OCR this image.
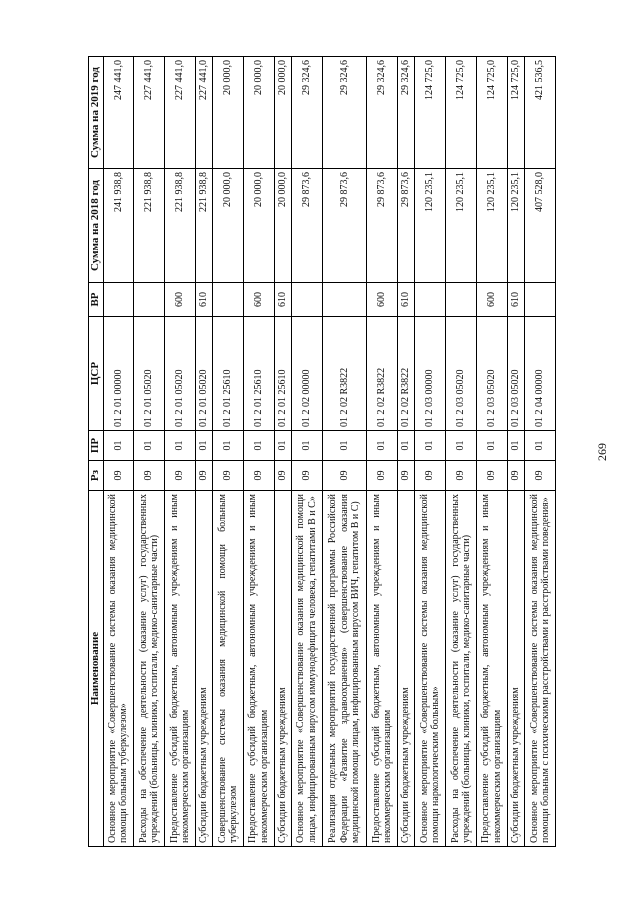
269
Наименование	Рз	ПР	ЦСР	ВР	Сумма на 2018 год	Сумма на 2019 год
Основное мероприятие «Совершенствование системы оказания медицинской помощи больным туберкулезом»	09	01	01 2 01 00000		241 938,8	247 441,0
Расходы на обеспечение деятельности (оказание услуг) государственных учреждений (больницы, клиники, госпитали, медико-санитарные части)	09	01	01 2 01 05020		221 938,8	227 441,0
Предоставление субсидий бюджетным, автономным учреждениям и иным некоммерческим организациям	09	01	01 2 01 05020	600	221 938,8	227 441,0
Субсидии бюджетным учреждениям	09	01	01 2 01 05020	610	221 938,8	227 441,0
Совершенствование системы оказания медицинской помощи больным туберкулезом	09	01	01 2 01 25610		20 000,0	20 000,0
Предоставление субсидий бюджетным, автономным учреждениям и иным некоммерческим организациям	09	01	01 2 01 25610	600	20 000,0	20 000,0
Субсидии бюджетным учреждениям	09	01	01 2 01 25610	610	20 000,0	20 000,0
Основное мероприятие «Совершенствование оказания медицинской помощи лицам, инфицированным вирусом иммунодефицита человека, гепатитами В и С»	09	01	01 2 02 00000		29 873,6	29 324,6
Реализация отдельных мероприятий государственной программы Российской Федерации «Развитие здравоохранения» (совершенствование оказания медицинской помощи лицам, инфицированным вирусом ВИЧ, гепатитом В и С)	09	01	01 2 02 R3822		29 873,6	29 324,6
Предоставление субсидий бюджетным, автономным учреждениям и иным некоммерческим организациям	09	01	01 2 02 R3822	600	29 873,6	29 324,6
Субсидии бюджетным учреждениям	09	01	01 2 02 R3822	610	29 873,6	29 324,6
Основное мероприятие «Совершенствование системы оказания медицинской помощи наркологическим больным»	09	01	01 2 03 00000		120 235,1	124 725,0
Расходы на обеспечение деятельности (оказание услуг) государственных учреждений (больницы, клиники, госпитали, медико-санитарные части)	09	01	01 2 03 05020		120 235,1	124 725,0
Предоставление субсидий бюджетным, автономным учреждениям и иным некоммерческим организациям	09	01	01 2 03 05020	600	120 235,1	124 725,0
Субсидии бюджетным учреждениям	09	01	01 2 03 05020	610	120 235,1	124 725,0
Основное мероприятие «Совершенствование системы оказания медицинской помощи больным с психическими расстройствами и расстройствами поведения»	09	01	01 2 04 00000		407 528,0	421 536,5
